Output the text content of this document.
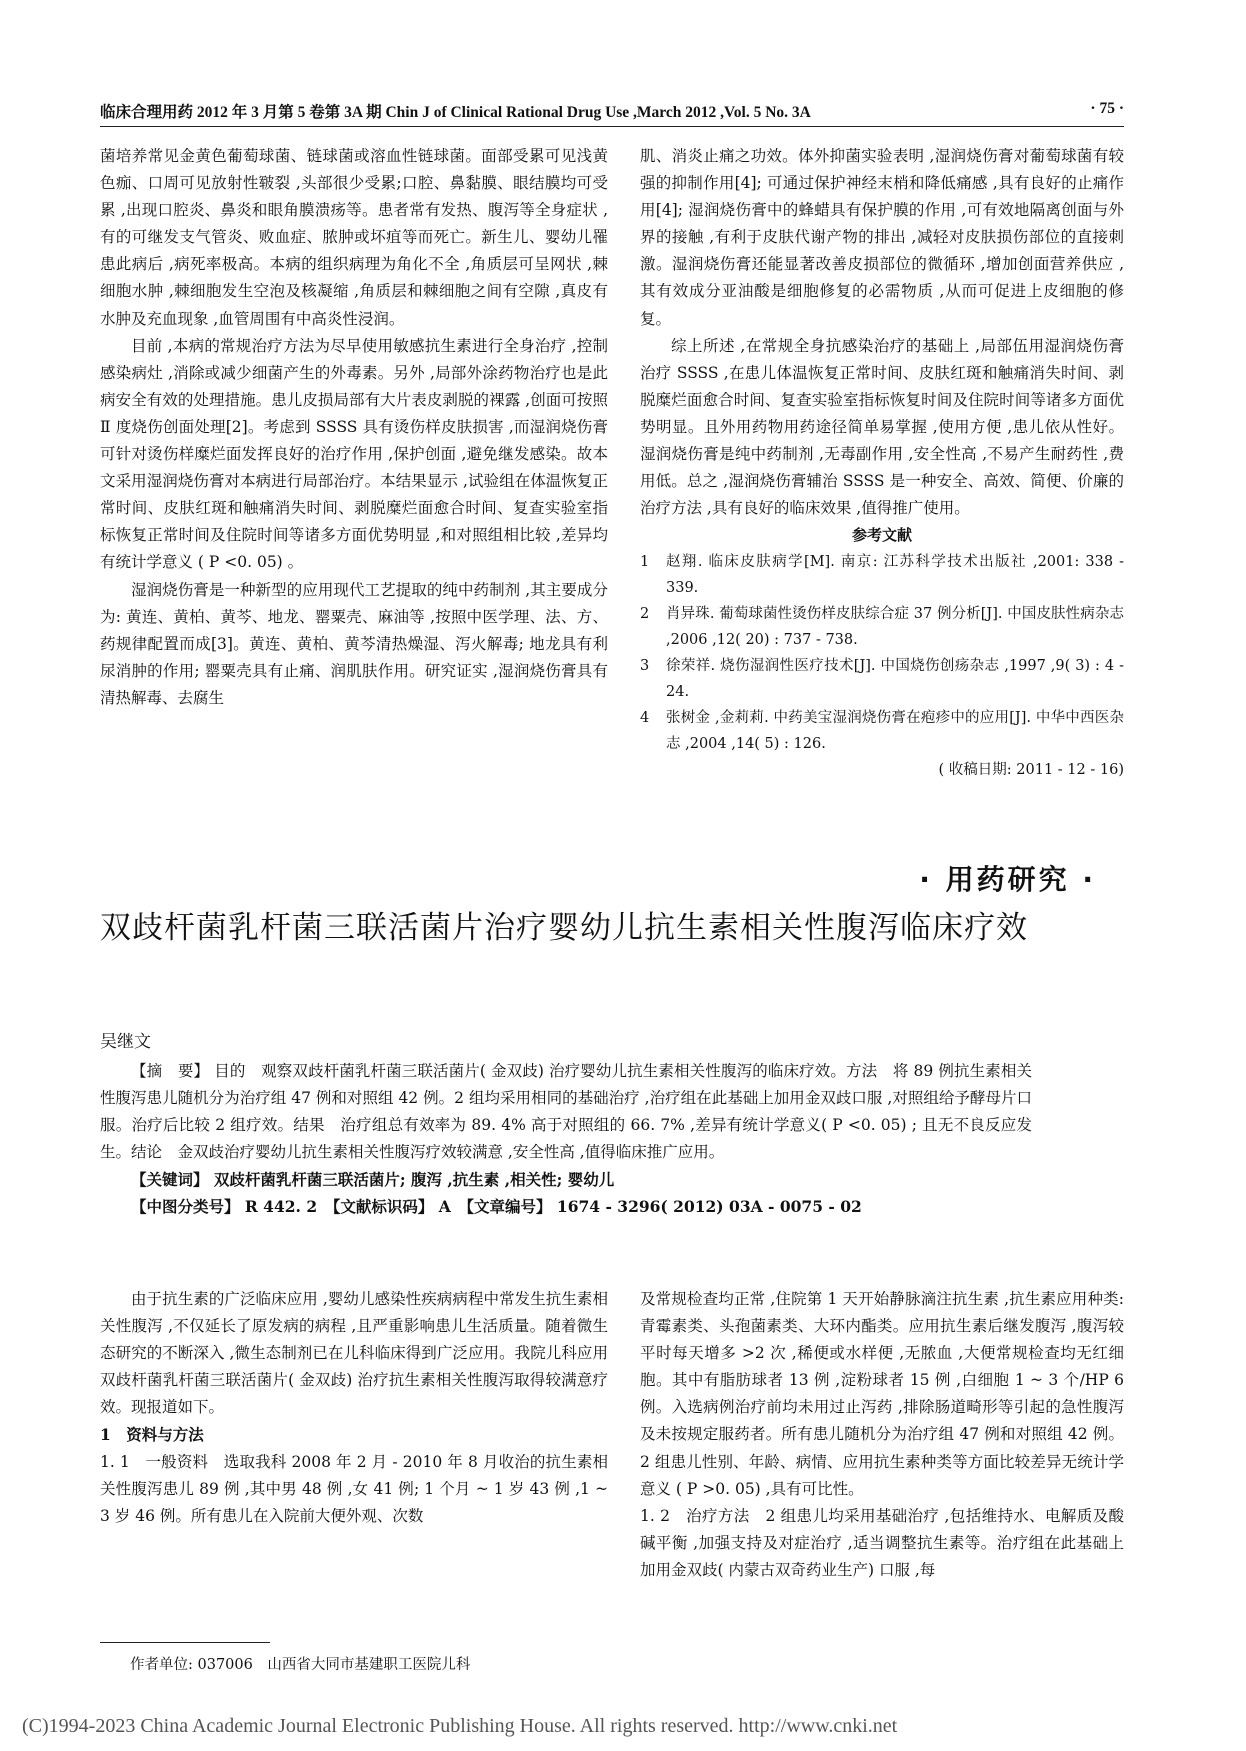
临床合理用药 2012 年 3 月第 5 卷第 3A 期 Chin J of Clinical Rational Drug Use ,March 2012 ,Vol. 5 No. 3A	· 75 ·

菌培养常见金黄色葡萄球菌、链球菌或溶血性链球菌。面部受累可见浅黄色痂、口周可见放射性皲裂 ,头部很少受累;口腔、鼻黏膜、眼结膜均可受累 ,出现口腔炎、鼻炎和眼角膜溃疡等。患者常有发热、腹泻等全身症状 ,有的可继发支气管炎、败血症、脓肿或坏疽等而死亡。新生儿、婴幼儿罹患此病后 ,病死率极高。本病的组织病理为角化不全 ,角质层可呈网状 ,棘细胞水肿 ,棘细胞发生空泡及核凝缩 ,角质层和棘细胞之间有空隙 ,真皮有水肿及充血现象 ,血管周围有中高炎性浸润。

目前 ,本病的常规治疗方法为尽早使用敏感抗生素进行全身治疗 ,控制感染病灶 ,消除或减少细菌产生的外毒素。另外 ,局部外涂药物治疗也是此病安全有效的处理措施。患儿皮损局部有大片表皮剥脱的裸露 ,创面可按照 Ⅱ 度烧伤创面处理[2]。考虑到 SSSS 具有烫伤样皮肤损害 ,而湿润烧伤膏可针对烫伤样糜烂面发挥良好的治疗作用 ,保护创面 ,避免继发感染。故本文采用湿润烧伤膏对本病进行局部治疗。本结果显示 ,试验组在体温恢复正常时间、皮肤红斑和触痛消失时间、剥脱糜烂面愈合时间、复查实验室指标恢复正常时间及住院时间等诸多方面优势明显 ,和对照组相比较 ,差异均有统计学意义 ( P <0. 05) 。

湿润烧伤膏是一种新型的应用现代工艺提取的纯中药制剂 ,其主要成分为: 黄连、黄柏、黄芩、地龙、罂粟壳、麻油等 ,按照中医学理、法、方、药规律配置而成[3]。黄连、黄柏、黄芩清热燥湿、泻火解毒; 地龙具有利尿消肿的作用; 罂粟壳具有止痛、润肌肤作用。研究证实 ,湿润烧伤膏具有清热解毒、去腐生

肌、消炎止痛之功效。体外抑菌实验表明 ,湿润烧伤膏对葡萄球菌有较强的抑制作用[4]; 可通过保护神经末梢和降低痛感 ,具有良好的止痛作用[4]; 湿润烧伤膏中的蜂蜡具有保护膜的作用 ,可有效地隔离创面与外界的接触 ,有利于皮肤代谢产物的排出 ,减轻对皮肤损伤部位的直接刺激。湿润烧伤膏还能显著改善皮损部位的微循环 ,增加创面营养供应 ,其有效成分亚油酸是细胞修复的必需物质 ,从而可促进上皮细胞的修复。

综上所述 ,在常规全身抗感染治疗的基础上 ,局部伍用湿润烧伤膏治疗 SSSS ,在患儿体温恢复正常时间、皮肤红斑和触痛消失时间、剥脱糜烂面愈合时间、复查实验室指标恢复时间及住院时间等诸多方面优势明显。且外用药物用药途径简单易掌握 ,使用方便 ,患儿依从性好。湿润烧伤膏是纯中药制剂 ,无毒副作用 ,安全性高 ,不易产生耐药性 ,费用低。总之 ,湿润烧伤膏辅治 SSSS 是一种安全、高效、简便、价廉的治疗方法 ,具有良好的临床效果 ,值得推广使用。

参考文献
1	赵翔. 临床皮肤病学[M]. 南京: 江苏科学技术出版社 ,2001: 338 - 339.
2	肖异珠. 葡萄球菌性烫伤样皮肤综合症 37 例分析[J]. 中国皮肤性病杂志 ,2006 ,12( 20) : 737 - 738.
3	徐荣祥. 烧伤湿润性医疗技术[J]. 中国烧伤创疡杂志 ,1997 ,9( 3) : 4 - 24.
4	张树金 ,金莉莉. 中药美宝湿润烧伤膏在疱疹中的应用[J]. 中华中西医杂志 ,2004 ,14( 5) : 126.
( 收稿日期: 2011 - 12 - 16)
· 用药研究 ·
双歧杆菌乳杆菌三联活菌片治疗婴幼儿抗生素相关性腹泻临床疗效
吴继文

【摘　要】 目的　观察双歧杆菌乳杆菌三联活菌片( 金双歧) 治疗婴幼儿抗生素相关性腹泻的临床疗效。方法　将 89 例抗生素相关性腹泻患儿随机分为治疗组 47 例和对照组 42 例。2 组均采用相同的基础治疗 ,治疗组在此基础上加用金双歧口服 ,对照组给予酵母片口服。治疗后比较 2 组疗效。结果　治疗组总有效率为 89. 4% 高于对照组的 66. 7% ,差异有统计学意义( P <0. 05) ; 且无不良反应发生。结论　金双歧治疗婴幼儿抗生素相关性腹泻疗效较满意 ,安全性高 ,值得临床推广应用。

【关键词】 双歧杆菌乳杆菌三联活菌片; 腹泻 ,抗生素 ,相关性; 婴幼儿

【中图分类号】 R 442. 2　【文献标识码】 A　【文章编号】 1674 - 3296( 2012) 03A - 0075 - 02

由于抗生素的广泛临床应用 ,婴幼儿感染性疾病病程中常发生抗生素相关性腹泻 ,不仅延长了原发病的病程 ,且严重影响患儿生活质量。随着微生态研究的不断深入 ,微生态制剂已在儿科临床得到广泛应用。我院儿科应用双歧杆菌乳杆菌三联活菌片( 金双歧) 治疗抗生素相关性腹泻取得较满意疗效。现报道如下。

1　资料与方法

1. 1　一般资料　选取我科 2008 年 2 月 - 2010 年 8 月收治的抗生素相关性腹泻患儿 89 例 ,其中男 48 例 ,女 41 例; 1 个月 ~ 1 岁 43 例 ,1 ~ 3 岁 46 例。所有患儿在入院前大便外观、次数

及常规检查均正常 ,住院第 1 天开始静脉滴注抗生素 ,抗生素应用种类: 青霉素类、头孢菌素类、大环内酯类。应用抗生素后继发腹泻 ,腹泻较平时每天增多 >2 次 ,稀便或水样便 ,无脓血 ,大便常规检查均无红细胞。其中有脂肪球者 13 例 ,淀粉球者 15 例 ,白细胞 1 ~ 3 个/HP 6 例。入选病例治疗前均未用过止泻药 ,排除肠道畸形等引起的急性腹泻及未按规定服药者。所有患儿随机分为治疗组 47 例和对照组 42 例。2 组患儿性别、年龄、病情、应用抗生素种类等方面比较差异无统计学意义 ( P >0. 05) ,具有可比性。

1. 2　治疗方法　2 组患儿均采用基础治疗 ,包括维持水、电解质及酸碱平衡 ,加强支持及对症治疗 ,适当调整抗生素等。治疗组在此基础上加用金双歧( 内蒙古双奇药业生产) 口服 ,每

作者单位: 037006　山西省大同市基建职工医院儿科
(C)1994-2023 China Academic Journal Electronic Publishing House. All rights reserved. http://www.cnki.net
